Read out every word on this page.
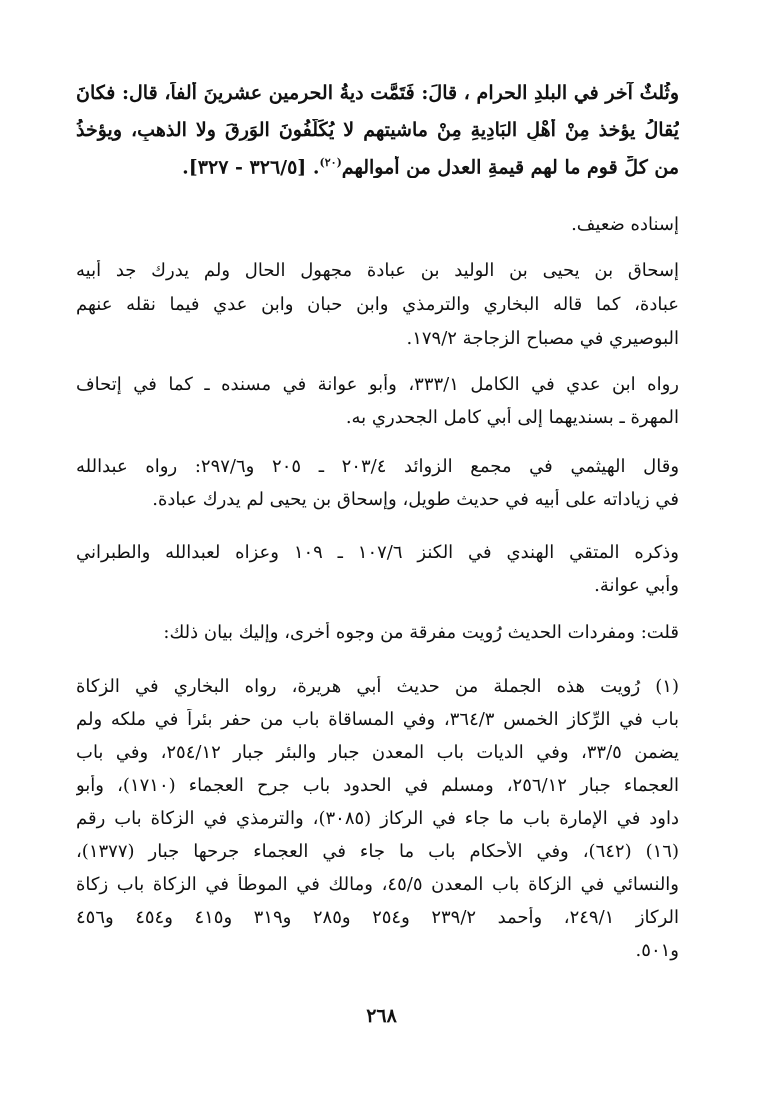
وثُلثٌ آخر في البلدِ الحرام ، قالَ: فَتَمَّت ديةُ الحرمينِ عشرينَ ألفاً، قال: فكانَ
يُقالُ يؤخذ مِنْ أَهْلِ البَادِيةِ مِنْ ماشيتهم لا يُكَلَّفُونَ الوَرِقَ ولا الذهبِ، ويؤخذُ
من كلِّ قومٍ ما لهم قيمةِ العدل من أموالهم$^{(٢٠)}$. [٣٢٦/٥ - ٣٢٧].
إسناده ضعيف.
إسحاق بن يحيى بن الوليد بن عبادة مجهول الحال ولم يدرك جد أبيه
عبادة، كما قاله البخاري والترمذي وابن حبان وابن عدي فيما نقله عنهم
البوصيري في مصباح الزجاجة ١٧٩/٢.
رواه ابن عدي في الكامل ٣٣٣/١، وأبو عوانة في مسنده ـ كما في إتحاف
المهرة ـ بسنديهما إلى أبي كامل الجحدري به.
وقال الهيثمي في مجمع الزوائد ٢٠٣/٤ ـ ٢٠٥ و٢٩٧/٦: رواه عبدالله
في زياداته على أبيه في حديث طويل، وإسحاق بن يحيى لم يدرك عبادة.
وذكره المتقي الهندي في الكنز ١٠٧/٦ ـ ١٠٩ وعزاه لعبدالله والطبراني
وأبي عوانة.
قلت: ومفردات الحديث رُويت مفرقة من وجوه أخرى، وإليك بيان ذلك:
(١) رُويت هذه الجملة من حديث أبي هريرة، رواه البخاري في الزكاة
باب في الرِّكاز الخمس ٣٦٤/٣، وفي المساقاة باب من حفر بئراً في ملكه ولم
يضمن ٣٣/٥، وفي الديات باب المعدن جبار والبئر جبار ٢٥٤/١٢، وفي باب
العجماء جبار ٢٥٦/١٢، ومسلم في الحدود باب جرح العجماء (١٧١٠)، وأبو
داود في الإمارة باب ما جاء في الركاز (٣٠٨٥)، والترمذي في الزكاة باب رقم
(١٦) (٦٤٢)، وفي الأحكام باب ما جاء في العجماء جرحها جبار (١٣٧٧)،
والنسائي في الزكاة باب المعدن ٤٥/٥، ومالك في الموطأ في الزكاة باب زكاة
الركاز ٢٤٩/١، وأحمد ٢٣٩/٢ و٢٥٤ و٢٨٥ و٣١٩ و٤١٥ و٤٥٤ و٤٥٦
و٥٠١.
٢٦٨
